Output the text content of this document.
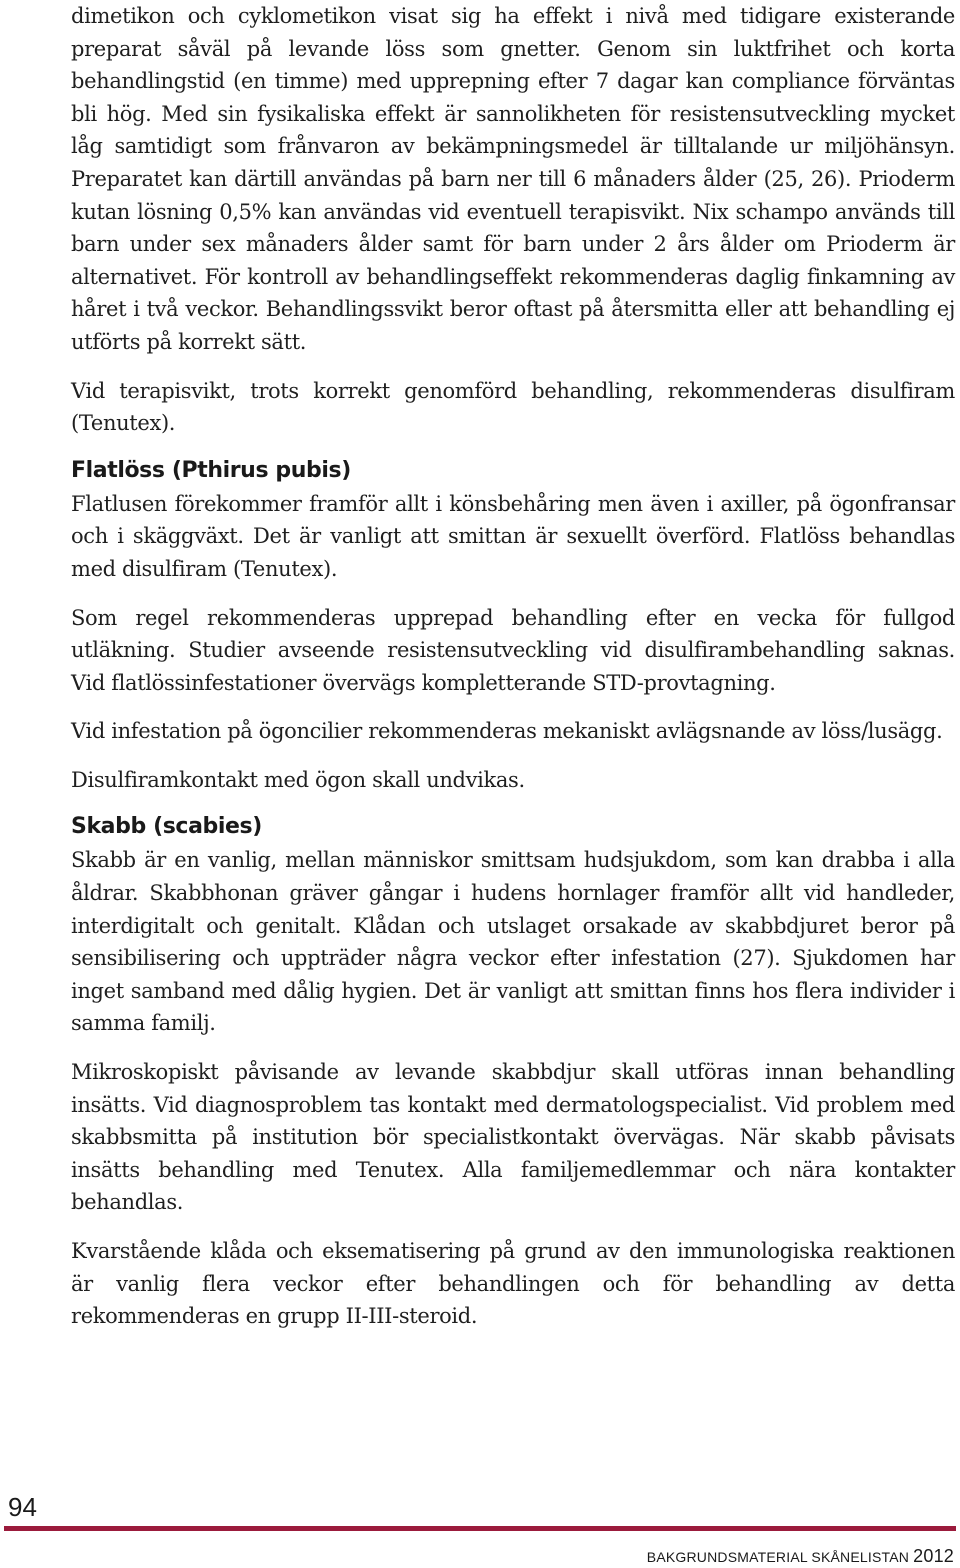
dimetikon och cyklometikon visat sig ha effekt i nivå med tidigare existerande preparat såväl på levande löss som gnetter. Genom sin luktfrihet och korta behandlingstid (en timme) med upprepning efter 7 dagar kan compliance förväntas bli hög. Med sin fysikaliska effekt är sannolikheten för resistensutveckling mycket låg samtidigt som frånvaron av bekämpningsmedel är tilltalande ur miljöhänsyn. Preparatet kan därtill användas på barn ner till 6 månaders ålder (25, 26). Prioderm kutan lösning 0,5% kan användas vid eventuell terapisvikt. Nix schampo används till barn under sex månaders ålder samt för barn under 2 års ålder om Prioderm är alternativet. För kontroll av behandlingseffekt rekommenderas daglig finkamning av håret i två veckor. Behandlingssvikt beror oftast på återsmitta eller att behandling ej utförts på korrekt sätt.

Vid terapisvikt, trots korrekt genomförd behandling, rekommenderas disulfiram (Tenutex).

Flatlöss (Pthirus pubis)

Flatlusen förekommer framför allt i könsbehåring men även i axiller, på ögonfransar och i skäggväxt. Det är vanligt att smittan är sexuellt överförd. Flatlöss behandlas med disulfiram (Tenutex).

Som regel rekommenderas upprepad behandling efter en vecka för fullgod utläkning. Studier avseende resistensutveckling vid disulfirambehandling saknas. Vid flatlössinfestationer övervägs kompletterande STD-provtagning.

Vid infestation på ögoncilier rekommenderas mekaniskt avlägsnande av löss/lusägg.

Disulfiramkontakt med ögon skall undvikas.

Skabb (scabies)

Skabb är en vanlig, mellan människor smittsam hudsjukdom, som kan drabba i alla åldrar. Skabbhonan gräver gångar i hudens hornlager framför allt vid handleder, interdigitalt och genitalt. Klådan och utslaget orsakade av skabbdjuret beror på sensibilisering och uppträder några veckor efter infestation (27). Sjukdomen har inget samband med dålig hygien. Det är vanligt att smittan finns hos flera individer i samma familj.

Mikroskopiskt påvisande av levande skabbdjur skall utföras innan behandling insätts. Vid diagnosproblem tas kontakt med dermatologspecialist. Vid problem med skabbsmitta på institution bör specialistkontakt övervägas. När skabb påvisats insätts behandling med Tenutex. Alla familjemedlemmar och nära kontakter behandlas.

Kvarstående klåda och eksematisering på grund av den immunologiska reaktionen är vanlig flera veckor efter behandlingen och för behandling av detta rekommenderas en grupp II-III-steroid.

94
BAKGRUNDSMATERIAL SKÅNELISTAN 2012
